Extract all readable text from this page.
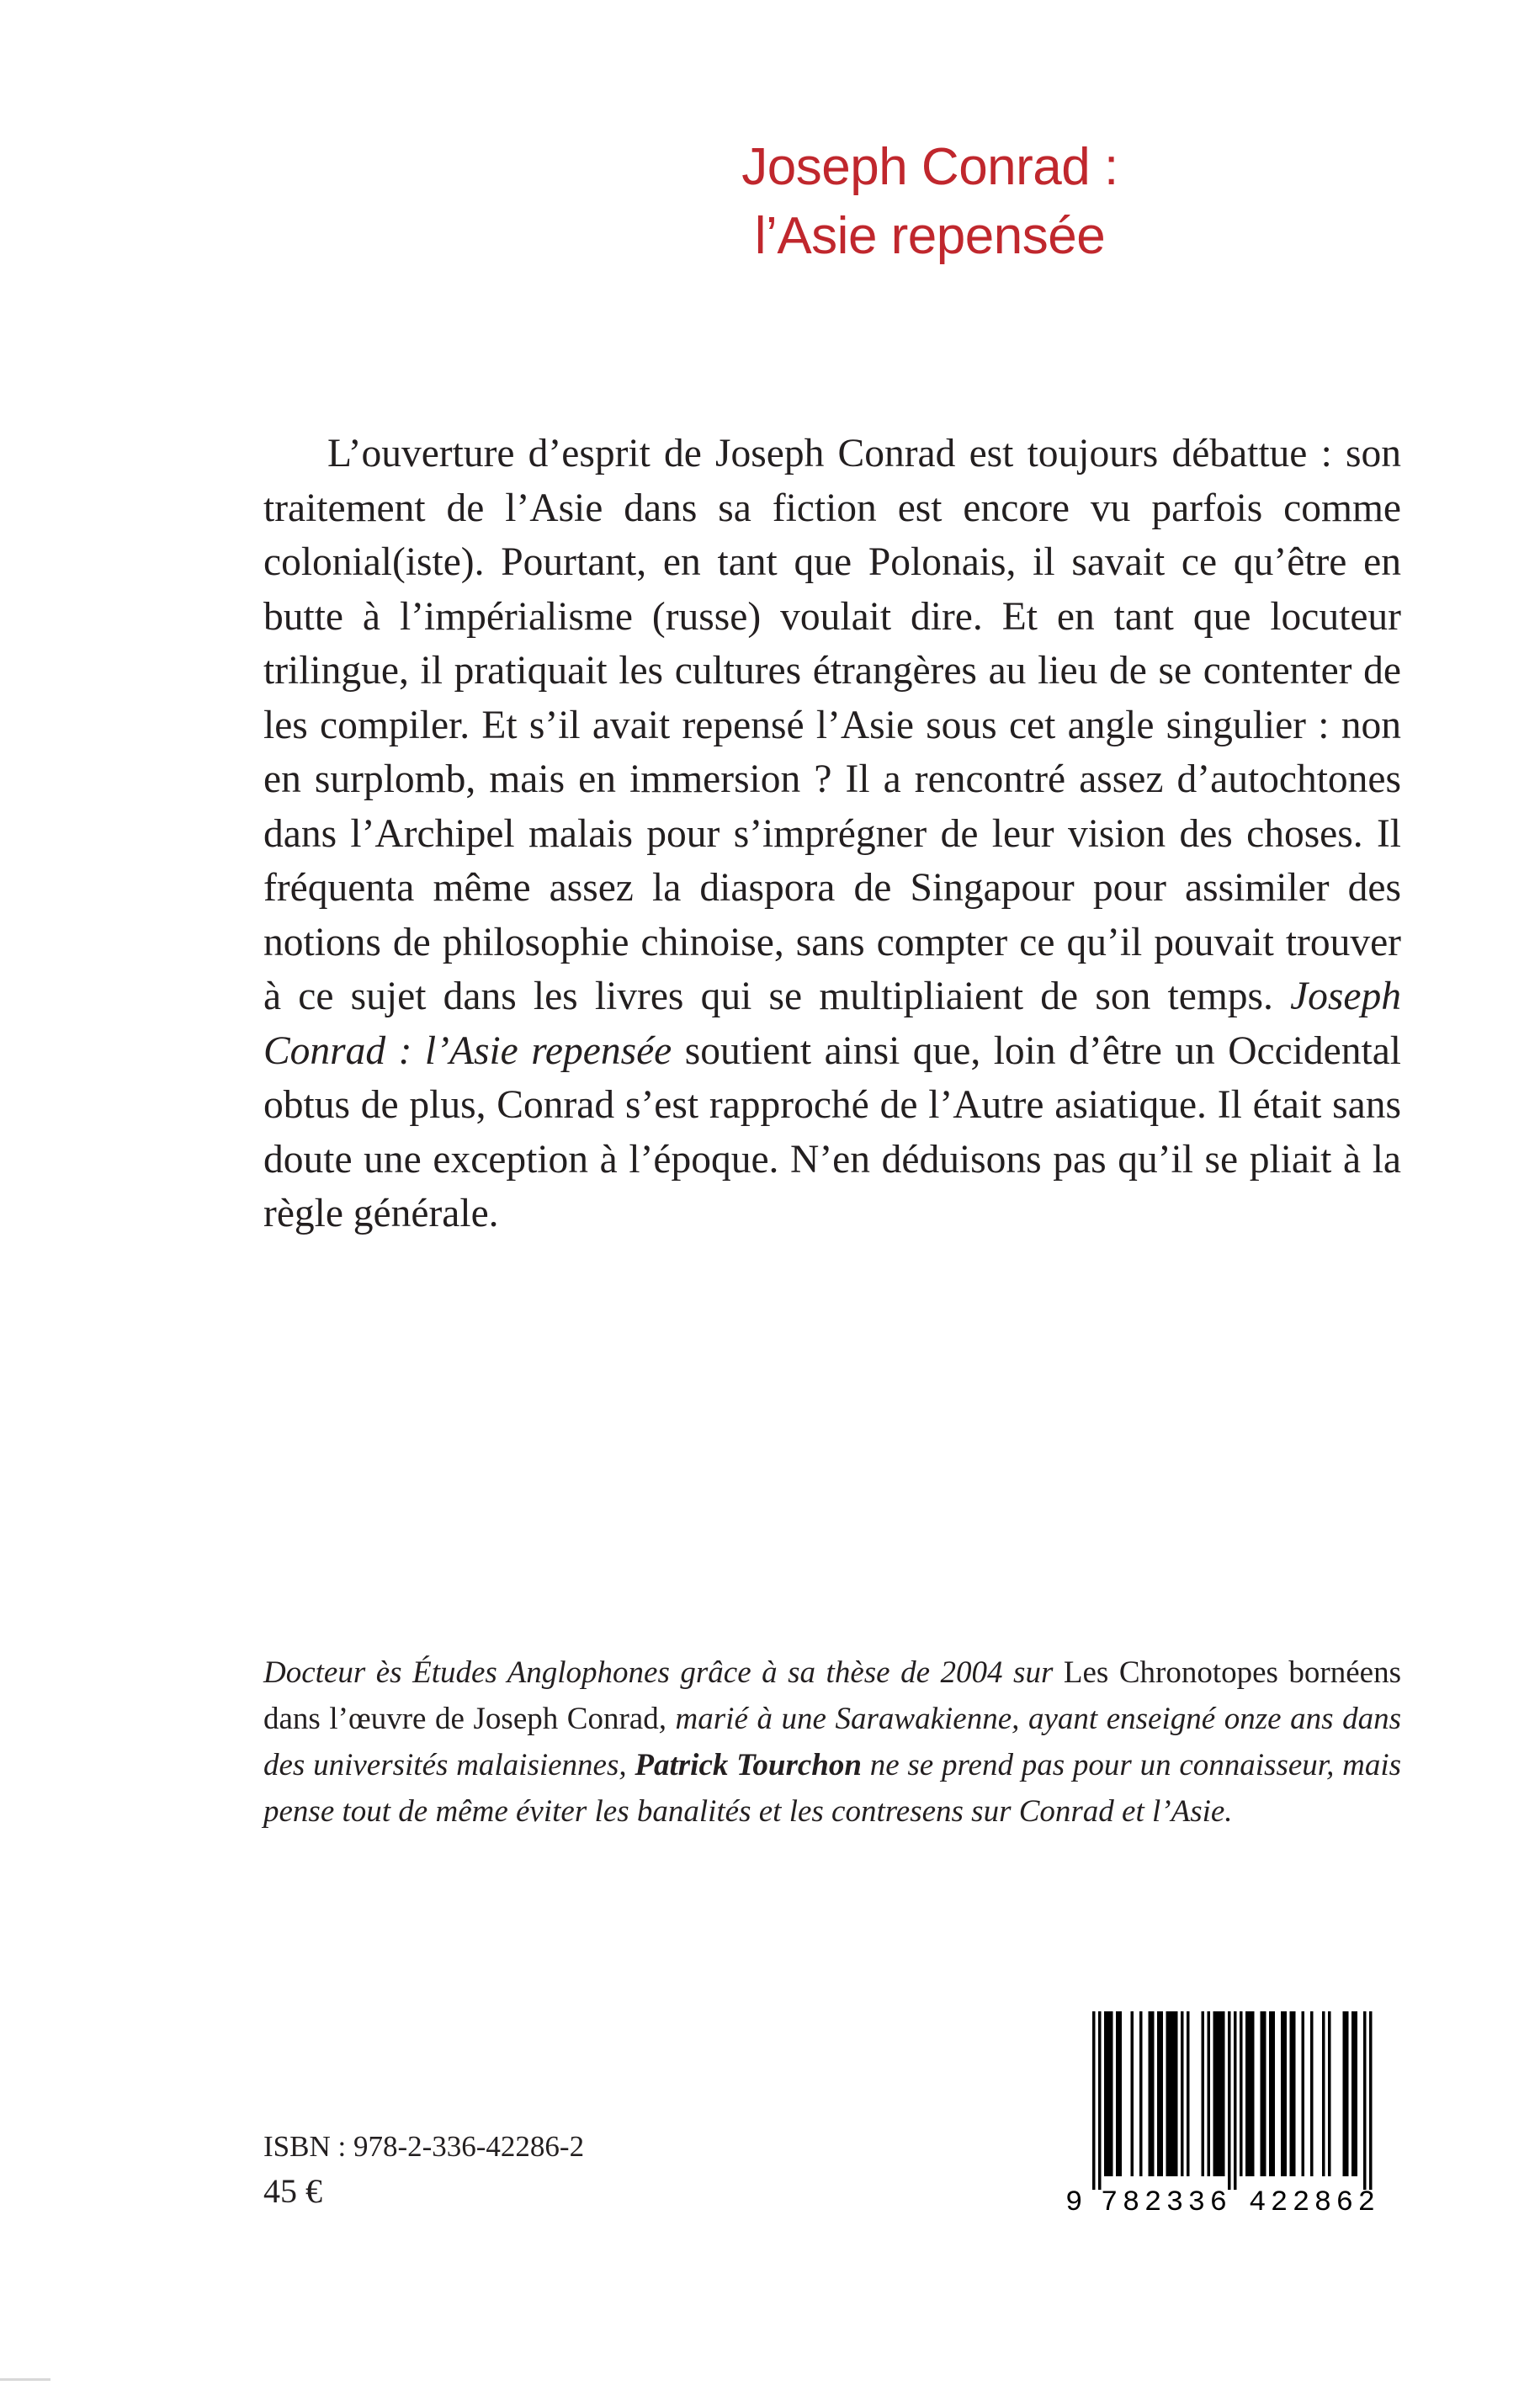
Joseph Conrad :
l’Asie repensée
L’ouverture d’esprit de Joseph Conrad est toujours débattue : son traitement de l’Asie dans sa fiction est encore vu parfois comme colonial(iste). Pourtant, en tant que Polonais, il savait ce qu’être en butte à l’impérialisme (russe) voulait dire. Et en tant que locuteur trilingue, il pratiquait les cultures étrangères au lieu de se contenter de les compiler. Et s’il avait repensé l’Asie sous cet angle singulier : non en surplomb, mais en immersion ? Il a rencontré assez d’autochtones dans l’Archipel malais pour s’imprégner de leur vision des choses. Il fréquenta même assez la diaspora de Singapour pour assimiler des notions de philosophie chinoise, sans compter ce qu’il pouvait trouver à ce sujet dans les livres qui se multipliaient de son temps. Joseph Conrad : l’Asie repensée soutient ainsi que, loin d’être un Occidental obtus de plus, Conrad s’est rapproché de l’Autre asiatique. Il était sans doute une exception à l’époque. N’en déduisons pas qu’il se pliait à la règle générale.
Docteur ès Études Anglophones grâce à sa thèse de 2004 sur Les Chronotopes bornéens dans l’œuvre de Joseph Conrad, marié à une Sarawakienne, ayant enseigné onze ans dans des universités malaisiennes, Patrick Tourchon ne se prend pas pour un connaisseur, mais pense tout de même éviter les banalités et les contresens sur Conrad et l’Asie.
ISBN : 978-2-336-42286-2
45 €	9 782336 422862
